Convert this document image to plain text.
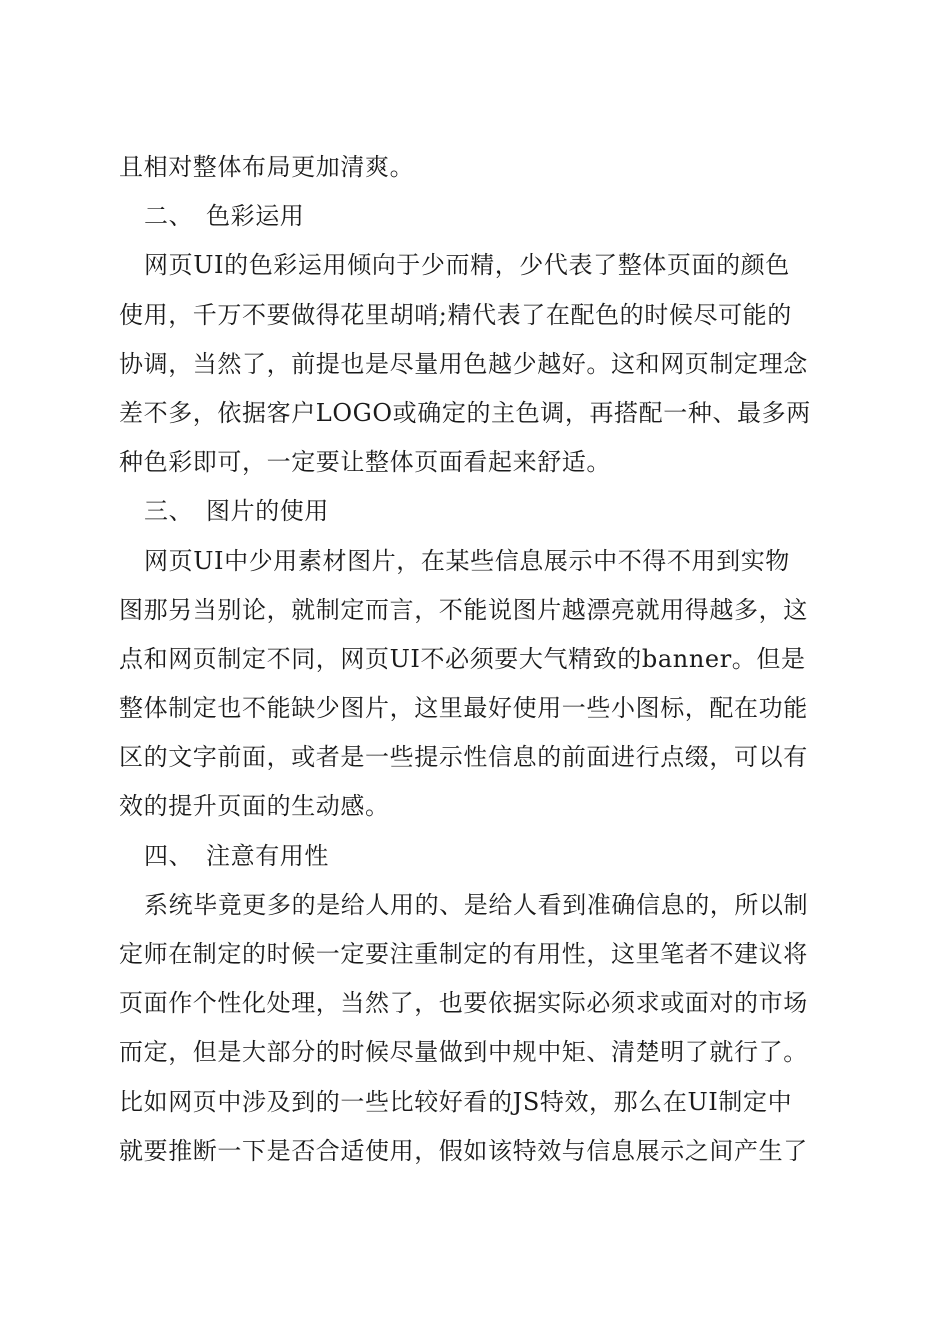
且相对整体布局更加清爽。
二、 色彩运用
网页UI的色彩运用倾向于少而精，少代表了整体页面的颜色
使用，千万不要做得花里胡哨;精代表了在配色的时候尽可能的
协调，当然了，前提也是尽量用色越少越好。这和网页制定理念
差不多，依据客户LOGO或确定的主色调，再搭配一种、最多两
种色彩即可，一定要让整体页面看起来舒适。
三、 图片的使用
网页UI中少用素材图片，在某些信息展示中不得不用到实物
图那另当别论，就制定而言，不能说图片越漂亮就用得越多，这
点和网页制定不同，网页UI不必须要大气精致的banner。但是
整体制定也不能缺少图片，这里最好使用一些小图标，配在功能
区的文字前面，或者是一些提示性信息的前面进行点缀，可以有
效的提升页面的生动感。
四、 注意有用性
系统毕竟更多的是给人用的、是给人看到准确信息的，所以制
定师在制定的时候一定要注重制定的有用性，这里笔者不建议将
页面作个性化处理，当然了，也要依据实际必须求或面对的市场
而定，但是大部分的时候尽量做到中规中矩、清楚明了就行了。
比如网页中涉及到的一些比较好看的JS特效，那么在UI制定中
就要推断一下是否合适使用，假如该特效与信息展示之间产生了
